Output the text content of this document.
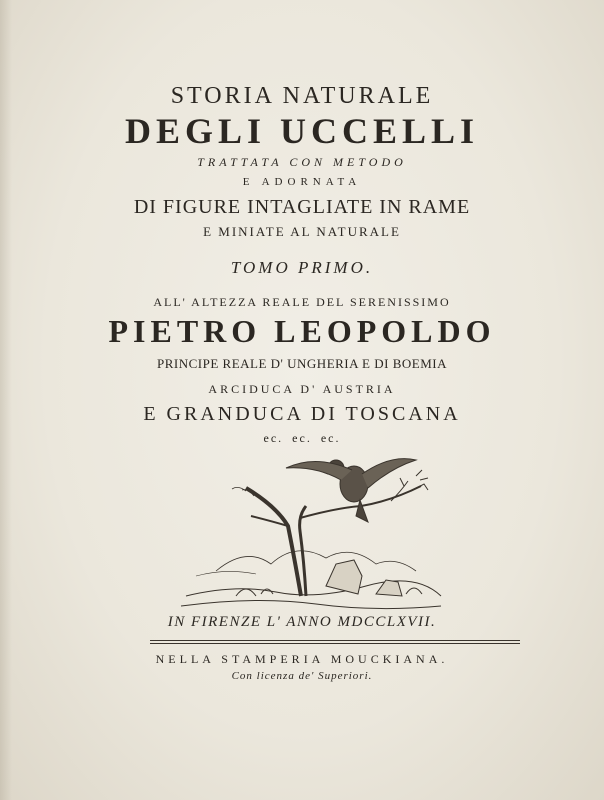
STORIA NATURALE
DEGLI UCCELLI
TRATTATA CON METODO
E ADORNATA
DI FIGURE INTAGLIATE IN RAME
E MINIATE AL NATURALE
TOMO PRIMO.
ALL' ALTEZZA REALE DEL SERENISSIMO
PIETRO LEOPOLDO
PRINCIPE REALE D' UNGHERIA E DI BOEMIA
ARCIDUCA D' AUSTRIA
E GRANDUCA DI TOSCANA
ec. ec. ec.
IN FIRENZE L' ANNO MDCCLXVII.
NELLA STAMPERIA MOUCKIANA.
Con licenza de' Superiori.
